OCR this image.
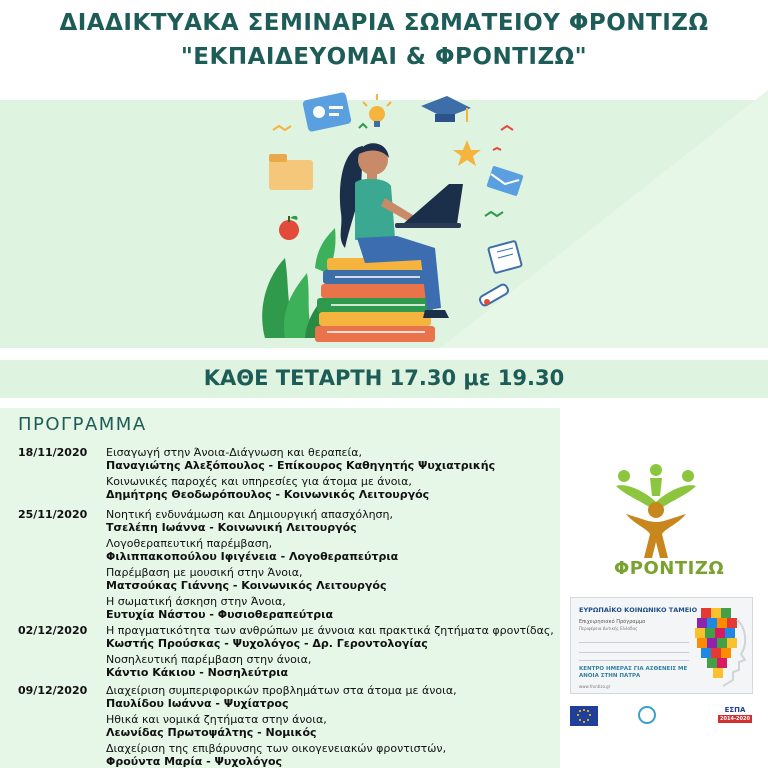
ΔΙΑΔΙΚΤΥΑΚΑ ΣΕΜΙΝΑΡΙΑ ΣΩΜΑΤΕΙΟΥ ΦΡΟΝΤΙΖΩ
"ΕΚΠΑΙΔΕΥΟΜΑΙ & ΦΡΟΝΤΙΖΩ"
ΚΑΘΕ ΤΕΤΑΡΤΗ 17.30 με 19.30
ΠΡΟΓΡΑΜΜΑ
18/11/2020 Εισαγωγή στην Άνοια-Διάγνωση και θεραπεία,
Παναγιώτης Αλεξόπουλος - Επίκουρος Καθηγητής Ψυχιατρικής
Κοινωνικές παροχές και υπηρεσίες για άτομα με άνοια,
Δημήτρης Θεοδωρόπουλος - Κοινωνικός Λειτουργός
25/11/2020 Νοητική ενδυνάμωση και Δημιουργική απασχόληση,
Τσελέπη Ιωάννα - Κοινωνική Λειτουργός
Λογοθεραπευτική παρέμβαση,
Φιλιππακοπούλου Ιφιγένεια - Λογοθεραπεύτρια
Παρέμβαση με μουσική στην Άνοια,
Ματσούκας Γιάννης - Κοινωνικός Λειτουργός
Η σωματική άσκηση στην Άνοια,
Ευτυχία Νάστου - Φυσιοθεραπεύτρια
02/12/2020 Η πραγματικότητα των ανθρώπων με άννοια και πρακτικά ζητήματα φροντίδας,
Κωστής Προύσκας - Ψυχολόγος - Δρ. Γεροντολογίας
Νοσηλευτική παρέμβαση στην άνοια,
Κάντιο Κάκιου - Νοσηλεύτρια
09/12/2020 Διαχείριση συμπεριφορικών προβλημάτων στα άτομα με άνοια,
Παυλίδου Ιωάννα - Ψυχίατρος
Ηθικά και νομικά ζητήματα στην άνοια,
Λεωνίδας Πρωτοψάλτης - Νομικός
Διαχείριση της επιβάρυνσης των οικογενειακών φροντιστών,
Φρούντα Μαρία - Ψυχολόγος
ΦΡΟΝΤΙΖΩ
ΕΥΡΩΠΑΪΚΟ ΚΟΙΝΩΝΙΚΟ ΤΑΜΕΙΟ
Επιχειρησιακό Πρόγραμμα
Περιφέρεια Δυτικής Ελλάδας
ΚΕΝΤΡΟ ΗΜΕΡΑΣ ΓΙΑ ΑΣΘΕΝΕΙΣ ΜΕ ΑΝΟΙΑ ΣΤΗΝ ΠΑΤΡΑ
www.frontizo.gr
ΕΣΠΑ
2014-2020
